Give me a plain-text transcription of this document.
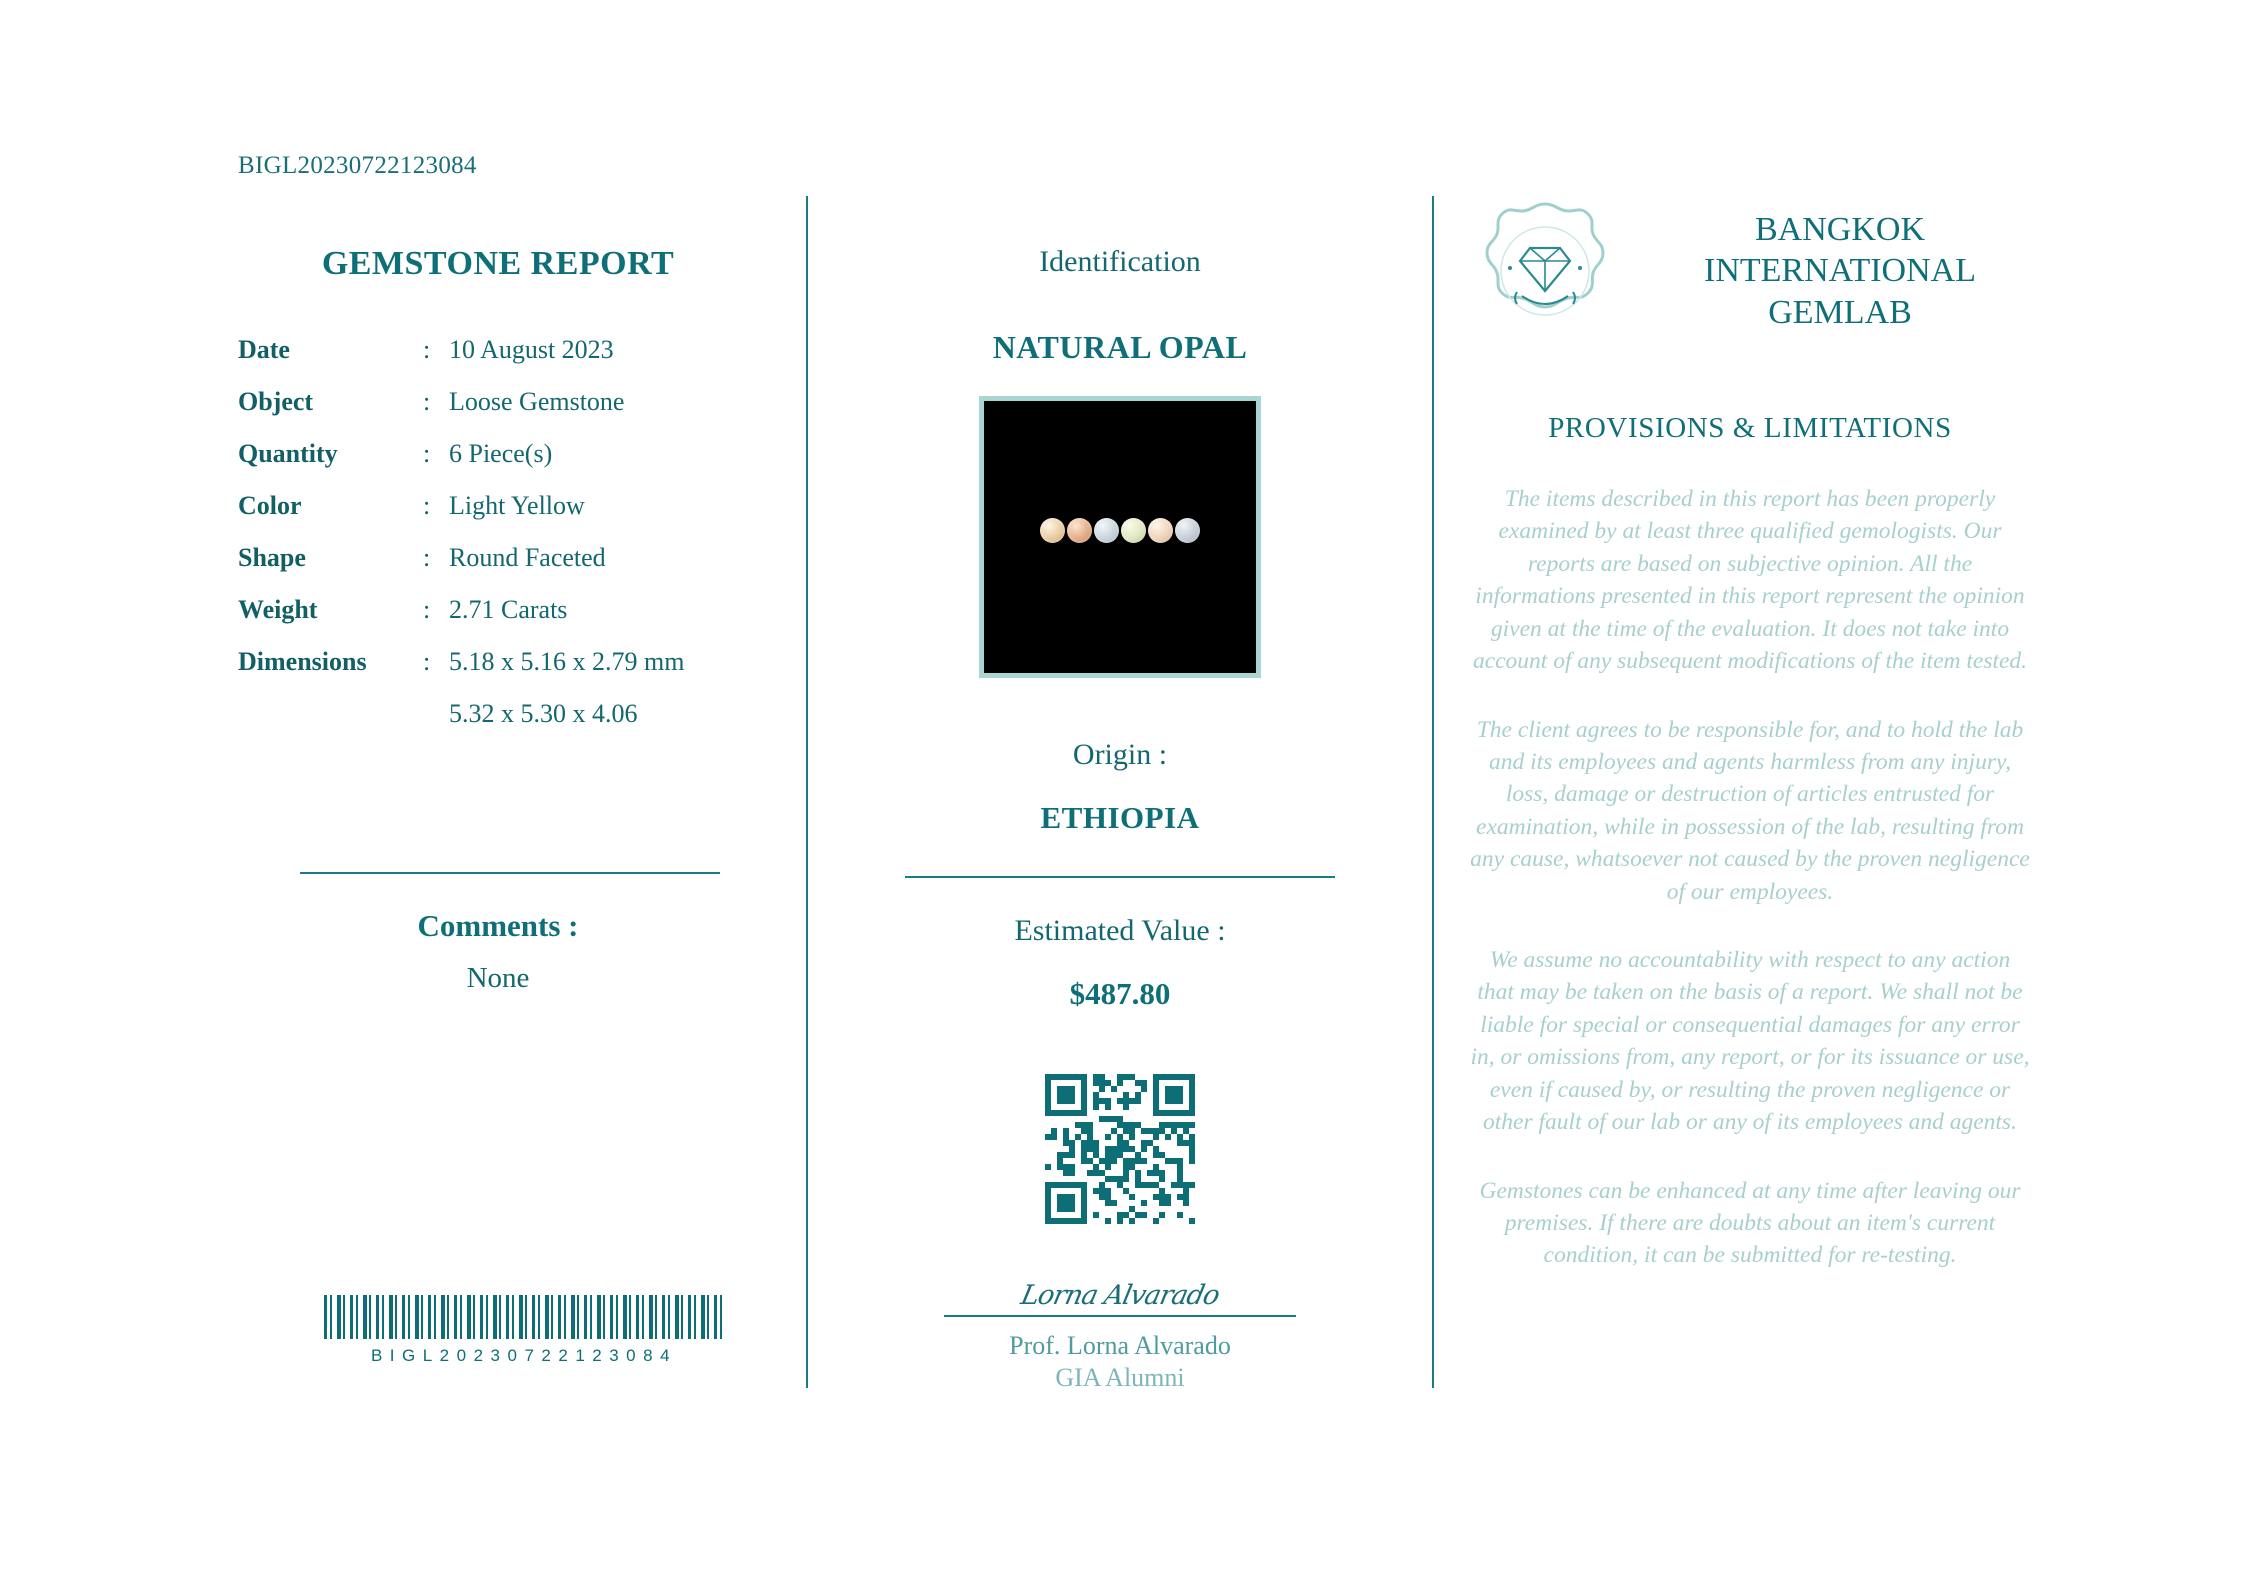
BIGL20230722123084
GEMSTONE REPORT
Date	:	10 August 2023
Object	:	Loose Gemstone
Quantity	:	6 Piece(s)
Color	:	Light Yellow
Shape	:	Round Faceted
Weight	:	2.71 Carats
Dimensions	:	5.18 x 5.16 x 2.79 mm
		5.32 x 5.30 x 4.06
Comments :
None
BIGL20230722123084
Identification
NATURAL OPAL
Origin :
ETHIOPIA
Estimated Value :
$487.80
Lorna Alvarado
Prof. Lorna Alvarado
GIA Alumni
BANGKOK INTERNATIONAL GEMLAB
PROVISIONS & LIMITATIONS

The items described in this report has been properly examined by at least three qualified gemologists. Our reports are based on subjective opinion. All the informations presented in this report represent the opinion given at the time of the evaluation. It does not take into account of any subsequent modifications of the item tested.

The client agrees to be responsible for, and to hold the lab and its employees and agents harmless from any injury, loss, damage or destruction of articles entrusted for examination, while in possession of the lab, resulting from any cause, whatsoever not caused by the proven negligence of our employees.

We assume no accountability with respect to any action that may be taken on the basis of a report. We shall not be liable for special or consequential damages for any error in, or omissions from, any report, or for its issuance or use, even if caused by, or resulting the proven negligence or other fault of our lab or any of its employees and agents.

Gemstones can be enhanced at any time after leaving our premises. If there are doubts about an item's current condition, it can be submitted for re-testing.
